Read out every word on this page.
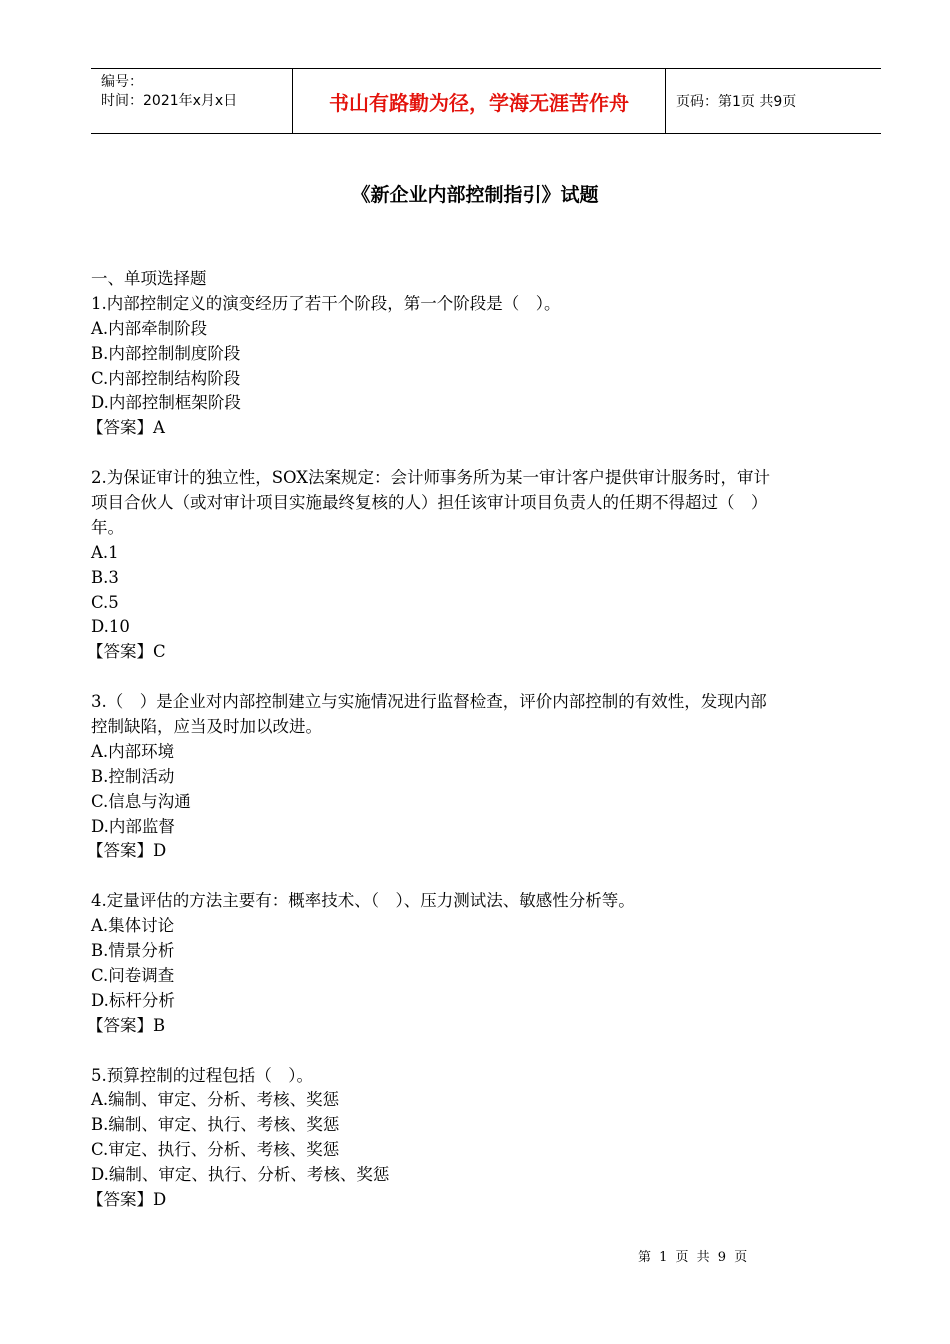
编号：
时间：2021年x月x日	书山有路勤为径，学海无涯苦作舟	页码：第1页 共9页
《新企业内部控制指引》试题
一、单项选择题
1.内部控制定义的演变经历了若干个阶段，第一个阶段是（　）。
A.内部牵制阶段
B.内部控制制度阶段
C.内部控制结构阶段
D.内部控制框架阶段
【答案】A
2.为保证审计的独立性，SOX法案规定：会计师事务所为某一审计客户提供审计服务时，审计
项目合伙人（或对审计项目实施最终复核的人）担任该审计项目负责人的任期不得超过（　）
年。
A.1
B.3
C.5
D.10
【答案】C
3.（　）是企业对内部控制建立与实施情况进行监督检查，评价内部控制的有效性，发现内部
控制缺陷，应当及时加以改进。
A.内部环境
B.控制活动
C.信息与沟通
D.内部监督
【答案】D
4.定量评估的方法主要有：概率技术、（　）、压力测试法、敏感性分析等。
A.集体讨论
B.情景分析
C.问卷调查
D.标杆分析
【答案】B
5.预算控制的过程包括（　）。
A.编制、审定、分析、考核、奖惩
B.编制、审定、执行、考核、奖惩
C.审定、执行、分析、考核、奖惩
D.编制、审定、执行、分析、考核、奖惩
【答案】D
第 1 页 共 9 页
